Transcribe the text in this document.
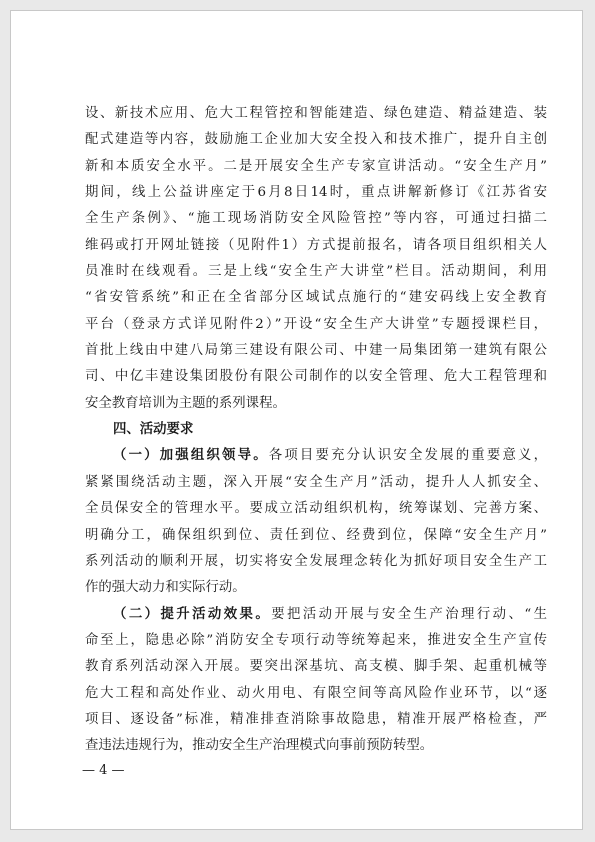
设、新技术应用、危大工程管控和智能建造、绿色建造、精益建造、装
配式建造等内容，鼓励施工企业加大安全投入和技术推广，提升自主创
新和本质安全水平。二是开展安全生产专家宣讲活动。“安全生产月”
期间，线上公益讲座定于6月8日14时，重点讲解新修订《江苏省安
全生产条例》、“施工现场消防安全风险管控”等内容，可通过扫描二
维码或打开网址链接（见附件1）方式提前报名，请各项目组织相关人
员准时在线观看。三是上线“安全生产大讲堂”栏目。活动期间，利用
“省安管系统”和正在全省部分区域试点施行的“建安码线上安全教育
平台（登录方式详见附件2）”开设“安全生产大讲堂”专题授课栏目，
首批上线由中建八局第三建设有限公司、中建一局集团第一建筑有限公
司、中亿丰建设集团股份有限公司制作的以安全管理、危大工程管理和
安全教育培训为主题的系列课程。
四、活动要求
（一）加强组织领导。各项目要充分认识安全发展的重要意义，
紧紧围绕活动主题，深入开展“安全生产月”活动，提升人人抓安全、
全员保安全的管理水平。要成立活动组织机构，统筹谋划、完善方案、
明确分工，确保组织到位、责任到位、经费到位，保障“安全生产月”
系列活动的顺利开展，切实将安全发展理念转化为抓好项目安全生产工
作的强大动力和实际行动。
（二）提升活动效果。要把活动开展与安全生产治理行动、“生
命至上，隐患必除”消防安全专项行动等统筹起来，推进安全生产宣传
教育系列活动深入开展。要突出深基坑、高支模、脚手架、起重机械等
危大工程和高处作业、动火用电、有限空间等高风险作业环节，以“逐
项目、逐设备”标准，精准排查消除事故隐患，精准开展严格检查，严
查违法违规行为，推动安全生产治理模式向事前预防转型。
— 4 —
